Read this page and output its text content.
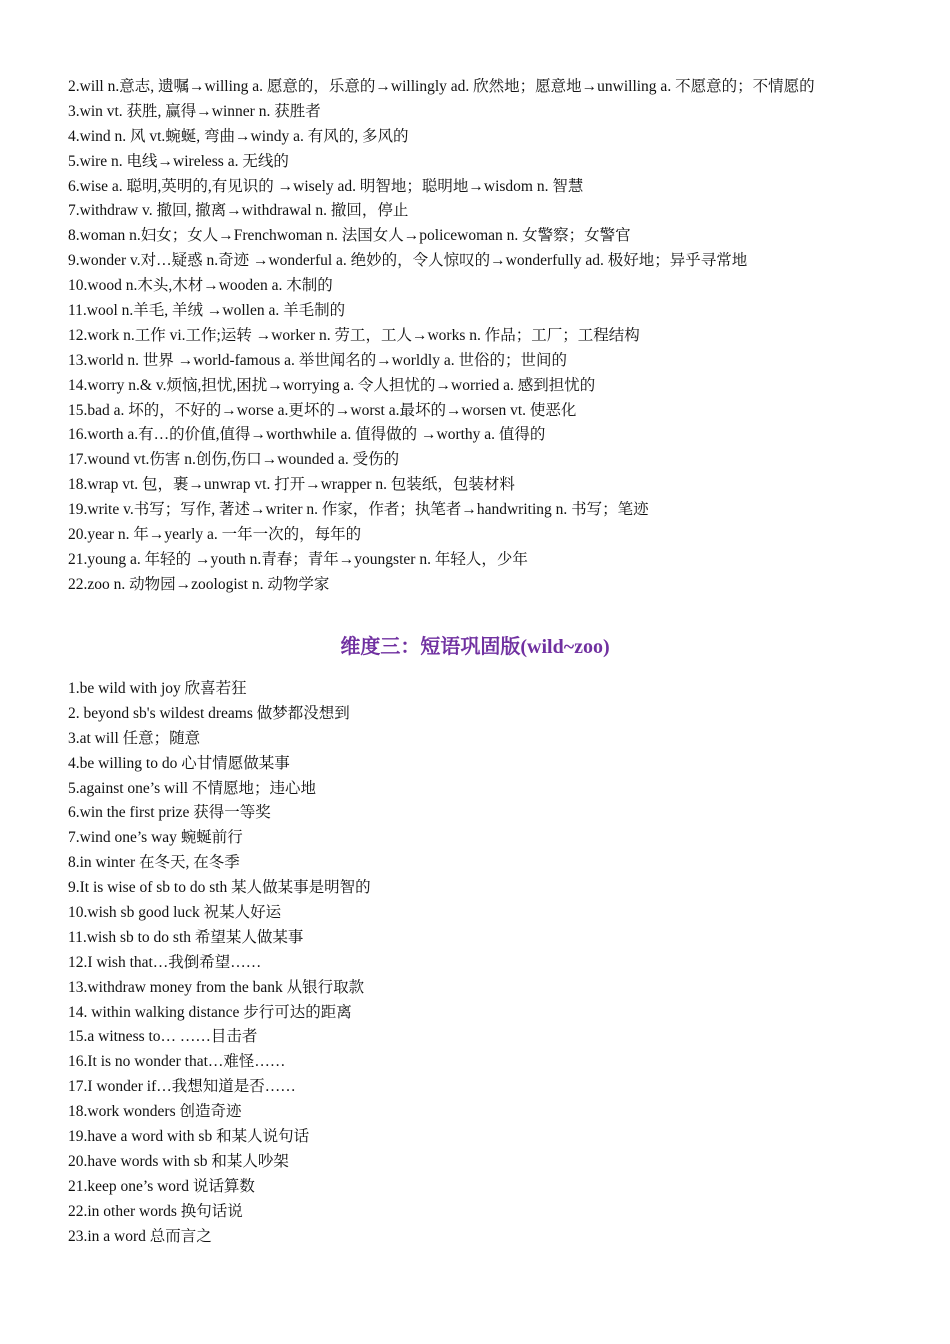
2.will n.意志, 遗嘱→willing a. 愿意的，乐意的→willingly ad. 欣然地；愿意地→unwilling a. 不愿意的；不情愿的
3.win vt. 获胜, 赢得→winner n. 获胜者
4.wind n. 风 vt.蜿蜒, 弯曲→windy a. 有风的, 多风的
5.wire n. 电线→wireless a. 无线的
6.wise a. 聪明,英明的,有见识的 →wisely ad. 明智地；聪明地→wisdom n. 智慧
7.withdraw v. 撤回, 撤离→withdrawal n. 撤回，停止
8.woman n.妇女；女人→Frenchwoman n. 法国女人→policewoman n. 女警察；女警官
9.wonder v.对…疑惑 n.奇迹 →wonderful a. 绝妙的，令人惊叹的→wonderfully ad. 极好地；异乎寻常地
10.wood n.木头,木材→wooden a. 木制的
11.wool n.羊毛, 羊绒 →wollen a. 羊毛制的
12.work n.工作 vi.工作;运转 →worker n. 劳工，工人→works n. 作品；工厂；工程结构
13.world n. 世界 →world-famous a. 举世闻名的→worldly a. 世俗的；世间的
14.worry n.& v.烦恼,担忧,困扰→worrying a. 令人担忧的→worried a. 感到担忧的
15.bad a. 坏的，不好的→worse a.更坏的→worst a.最坏的→worsen vt. 使恶化
16.worth a.有…的价值,值得→worthwhile a. 值得做的 →worthy a. 值得的
17.wound vt.伤害 n.创伤,伤口→wounded a. 受伤的
18.wrap vt. 包，裹→unwrap vt. 打开→wrapper n. 包装纸，包装材料
19.write v.书写；写作, 著述→writer n. 作家，作者；执笔者→handwriting n. 书写；笔迹
20.year n. 年→yearly a. 一年一次的，每年的
21.young a. 年轻的 →youth n.青春；青年→youngster n. 年轻人，少年
22.zoo n. 动物园→zoologist n. 动物学家
维度三：短语巩固版(wild~zoo)
1.be wild with joy 欣喜若狂
2. beyond sb's wildest dreams 做梦都没想到
3.at will 任意；随意
4.be willing to do 心甘情愿做某事
5.against one’s will 不情愿地；违心地
6.win the first prize 获得一等奖
7.wind one’s way 蜿蜒前行
8.in winter 在冬天, 在冬季
9.It is wise of sb to do sth 某人做某事是明智的
10.wish sb good luck 祝某人好运
11.wish sb to do sth 希望某人做某事
12.I wish that…我倒希望……
13.withdraw money from the bank 从银行取款
14. within walking distance 步行可达的距离
15.a witness to… ……目击者
16.It is no wonder that…难怪……
17.I wonder if…我想知道是否……
18.work wonders 创造奇迹
19.have a word with sb 和某人说句话
20.have words with sb 和某人吵架
21.keep one’s word 说话算数
22.in other words 换句话说
23.in a word 总而言之
